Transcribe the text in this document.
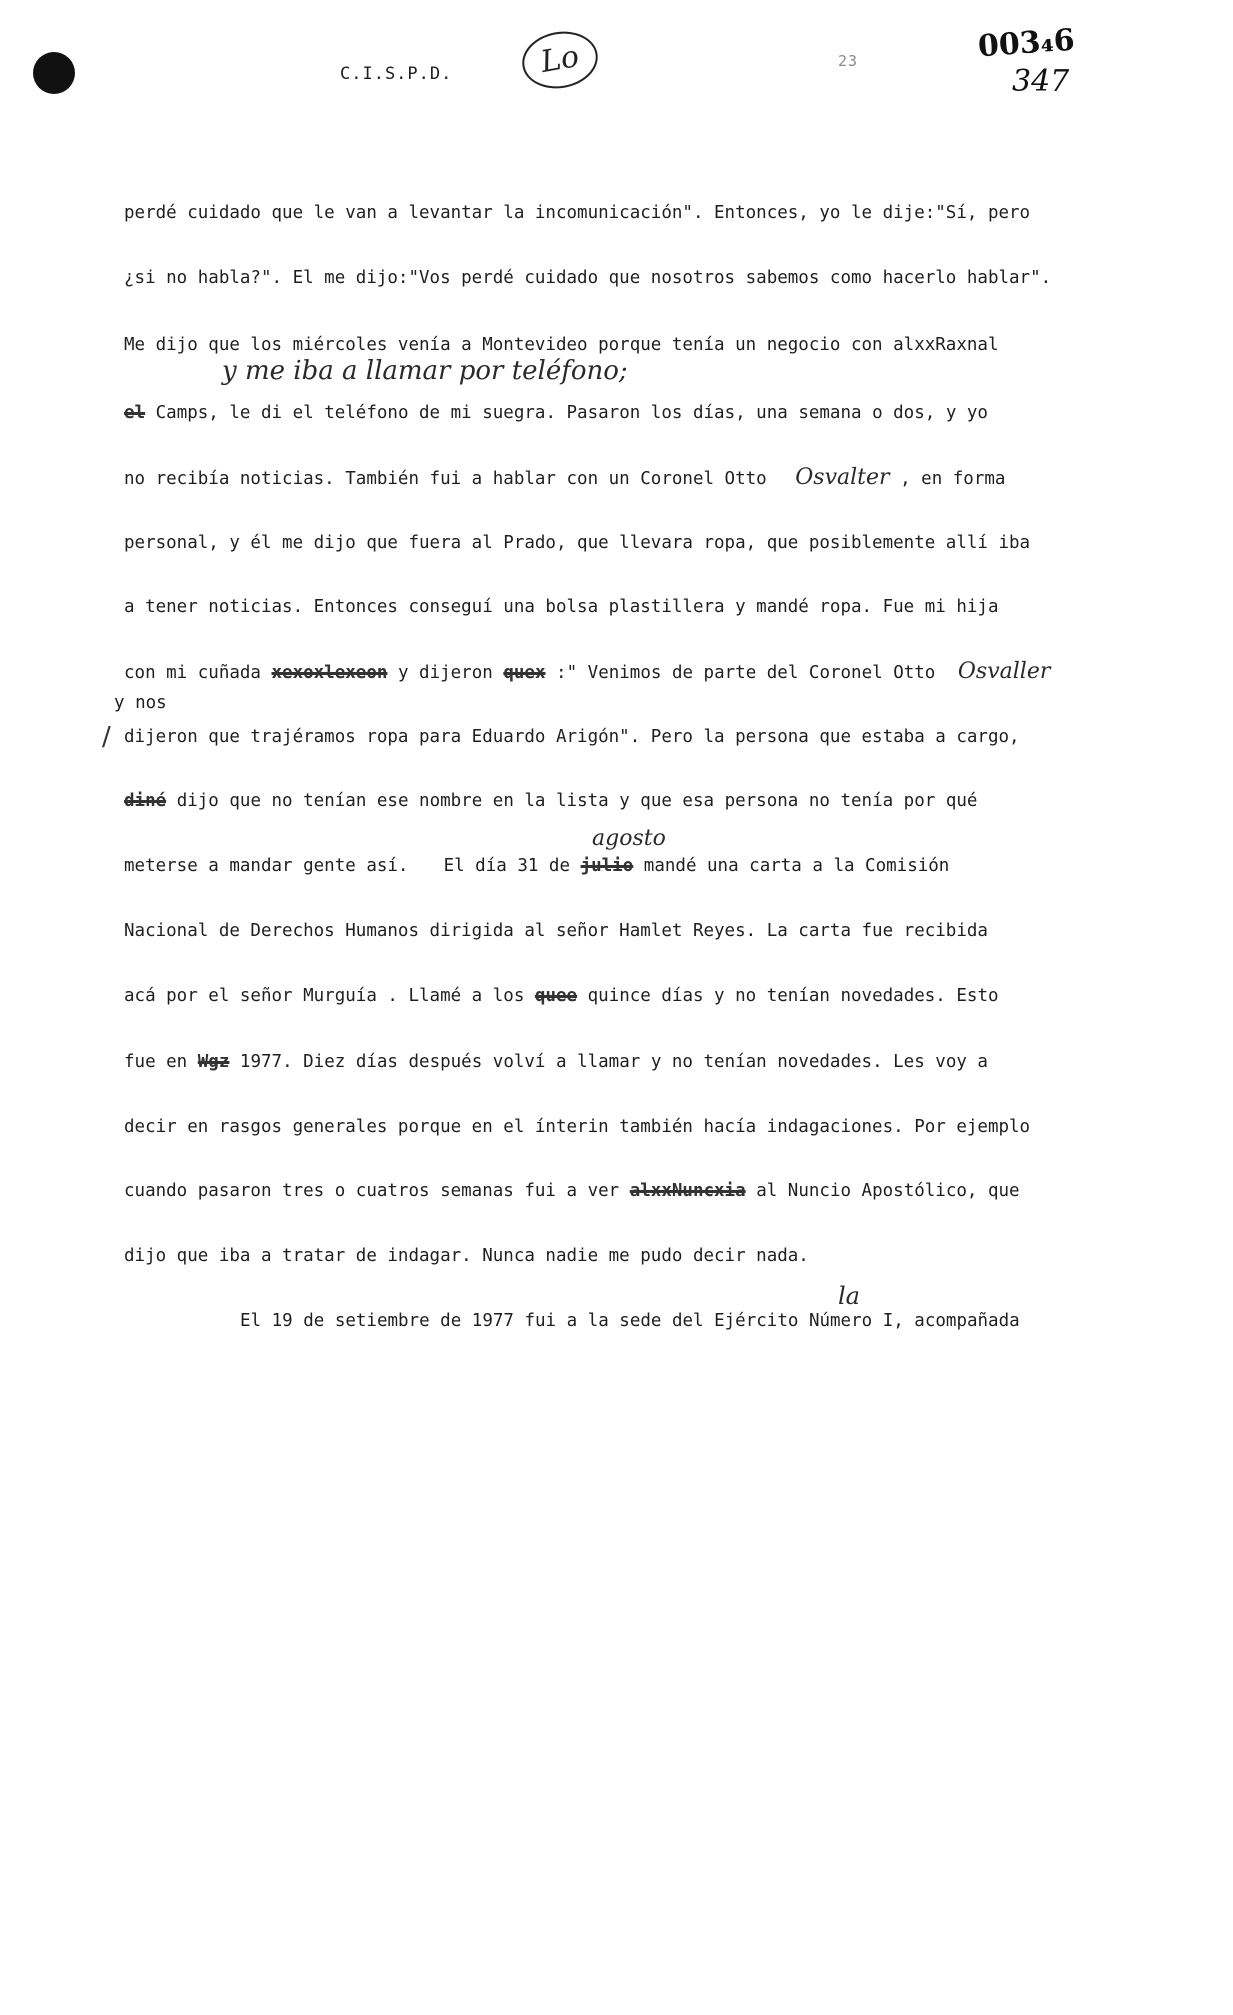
C.I.S.P.D.	Lo	23	003₄6
347
perdé cuidado que le van a levantar la incomunicación". Entonces, yo le dije:"Sí, pero
¿si no habla?". El me dijo:"Vos perdé cuidado que nosotros sabemos como hacerlo hablar".
Me dijo que los miércoles venía a Montevideo porque tenía un negocio con alxxRaxnal
y me iba a llamar por teléfono;
el Camps, le di el teléfono de mi suegra. Pasaron los días, una semana o dos, y yo
no recibía noticias. También fui a hablar con un Coronel Otto Osvalter , en forma
personal, y él me dijo que fuera al Prado, que llevara ropa, que posiblemente allí iba
a tener noticias. Entonces conseguí una bolsa plastillera y mandé ropa. Fue mi hija
con mi cuñada xexoxlexeon y dijeron quex :" Venimos de parte del Coronel Otto Osvaller
y nos
/ dijeron que trajéramos ropa para Eduardo Arigón". Pero la persona que estaba a cargo,
diné dijo que no tenían ese nombre en la lista y que esa persona no tenía por qué
agosto
meterse a mandar gente así. El día 31 de julio mandé una carta a la Comisión
Nacional de Derechos Humanos dirigida al señor Hamlet Reyes. La carta fue recibida
acá por el señor Murguía . Llamé a los quee quince días y no tenían novedades. Esto
fue en Wgz 1977. Diez días después volví a llamar y no tenían novedades. Les voy a
decir en rasgos generales porque en el ínterin también hacía indagaciones. Por ejemplo
cuando pasaron tres o cuatros semanas fui a ver alxxNuncxia al Nuncio Apostólico, que
dijo que iba a tratar de indagar. Nunca nadie me pudo decir nada.
la
El 19 de setiembre de 1977 fui a la sede del Ejército Número I, acompañada
